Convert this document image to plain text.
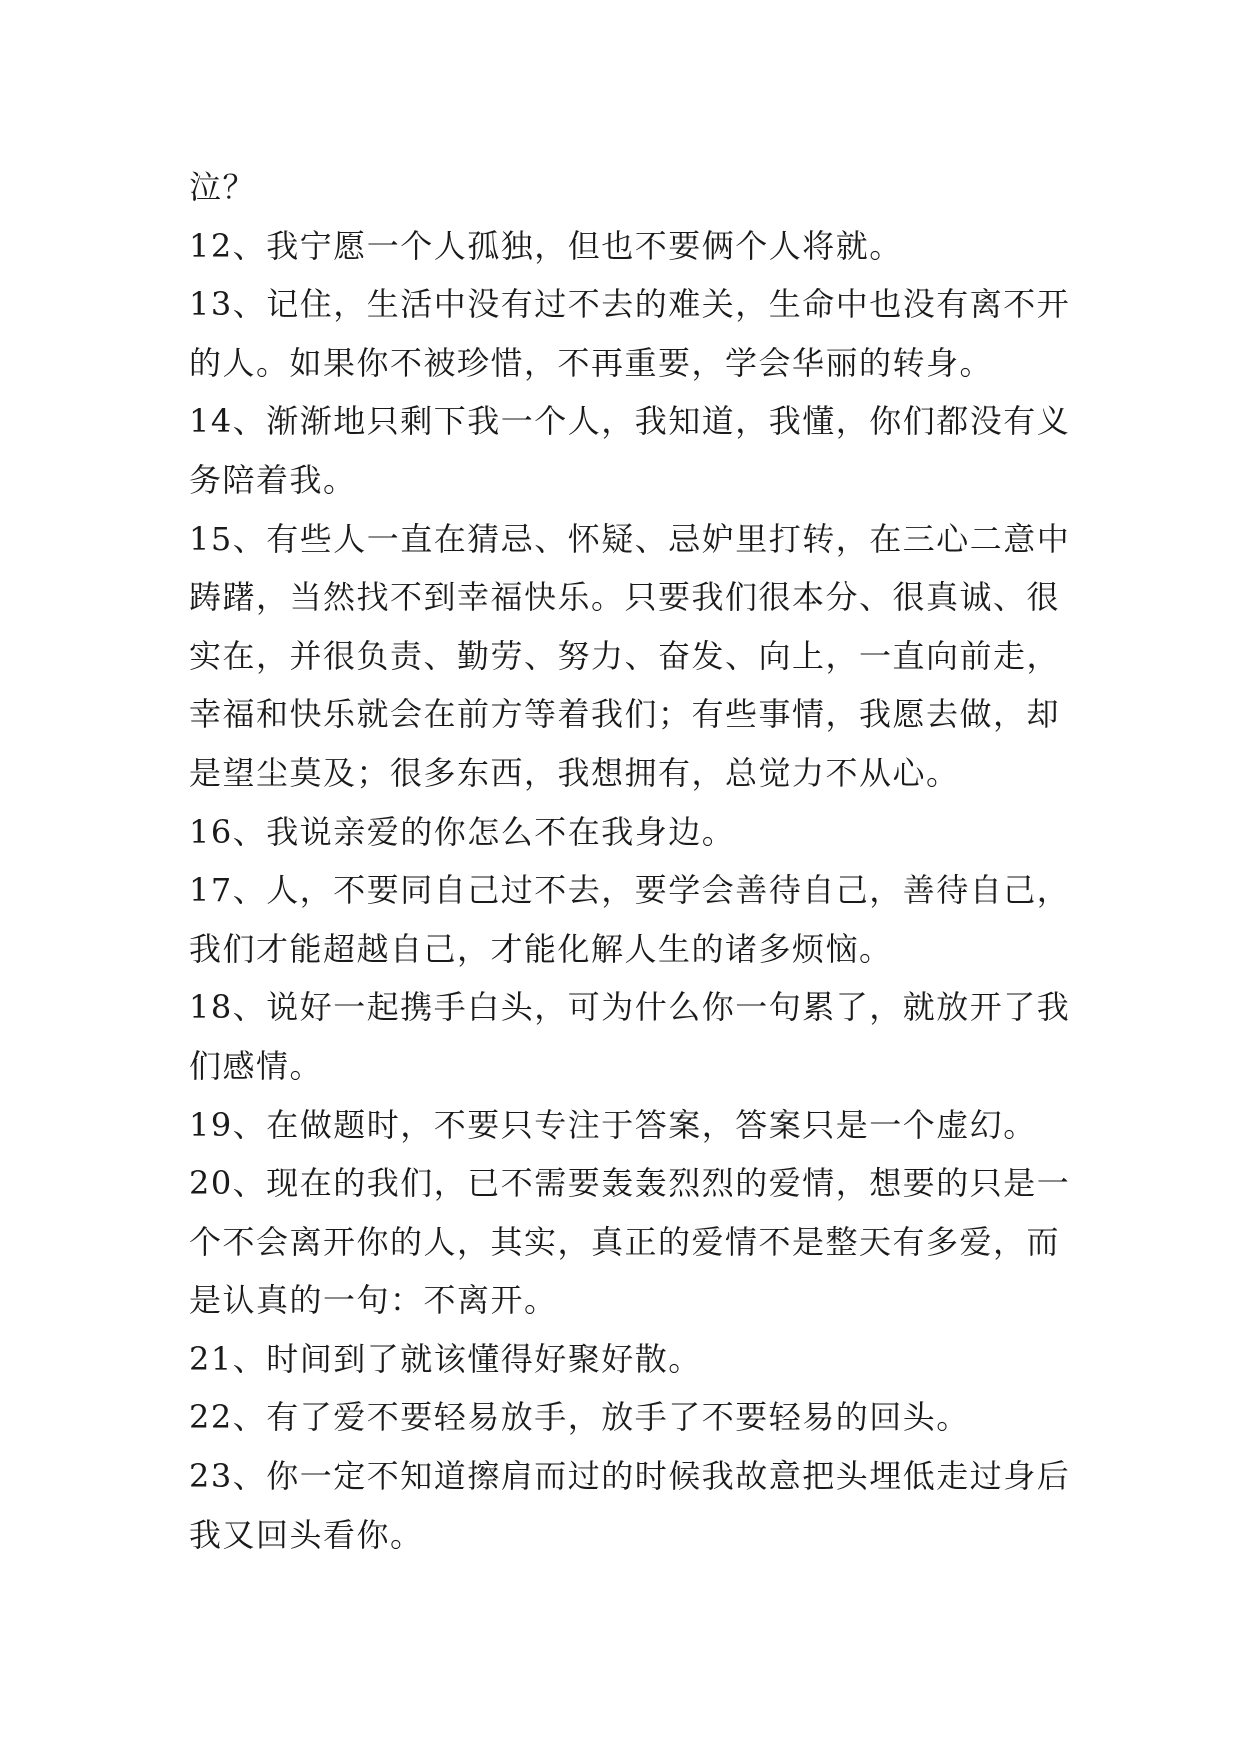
泣？
12、我宁愿一个人孤独，但也不要俩个人将就。
13、记住，生活中没有过不去的难关，生命中也没有离不开
的人。如果你不被珍惜，不再重要，学会华丽的转身。
14、渐渐地只剩下我一个人，我知道，我懂，你们都没有义
务陪着我。
15、有些人一直在猜忌、怀疑、忌妒里打转，在三心二意中
踌躇，当然找不到幸福快乐。只要我们很本分、很真诚、很
实在，并很负责、勤劳、努力、奋发、向上，一直向前走，
幸福和快乐就会在前方等着我们；有些事情，我愿去做，却
是望尘莫及；很多东西，我想拥有，总觉力不从心。
16、我说亲爱的你怎么不在我身边。
17、人，不要同自己过不去，要学会善待自己，善待自己，
我们才能超越自己，才能化解人生的诸多烦恼。
18、说好一起携手白头，可为什么你一句累了，就放开了我
们感情。
19、在做题时，不要只专注于答案，答案只是一个虚幻。
20、现在的我们，已不需要轰轰烈烈的爱情，想要的只是一
个不会离开你的人，其实，真正的爱情不是整天有多爱，而
是认真的一句：不离开。
21、时间到了就该懂得好聚好散。
22、有了爱不要轻易放手，放手了不要轻易的回头。
23、你一定不知道擦肩而过的时候我故意把头埋低走过身后
我又回头看你。
